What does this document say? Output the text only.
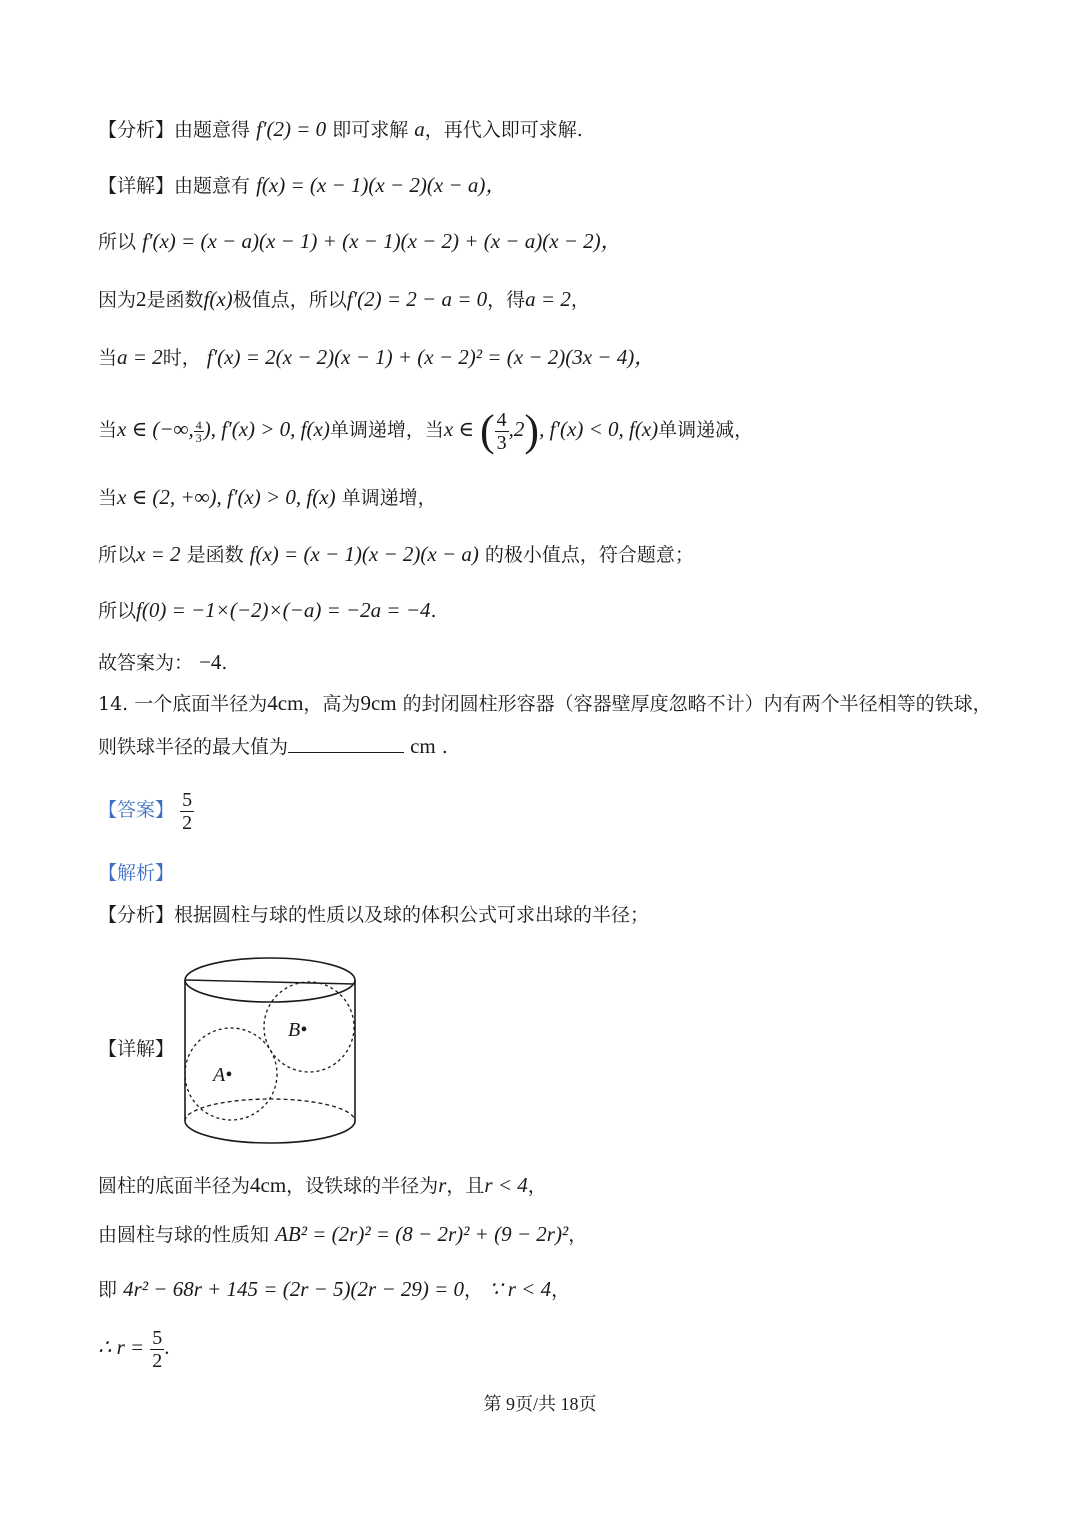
【分析】由题意得 f′(2) = 0 即可求解 a，再代入即可求解.
【详解】由题意有 f(x) = (x − 1)(x − 2)(x − a)，
所以 f′(x) = (x − a)(x − 1) + (x − 1)(x − 2) + (x − a)(x − 2)，
因为2是函数f(x)极值点，所以f′(2) = 2 − a = 0，得a = 2，
当a = 2时， f′(x) = 2(x − 2)(x − 1) + (x − 2)² = (x − 2)(3x − 4)，
当x ∈ (−∞, $\frac{4}{3}$ ), f′(x) > 0, f(x)单调递增，当x ∈ ( $\frac{4}{3} ,2$), f′(x) < 0, f(x)单调递减，
当x ∈ (2, +∞), f′(x) > 0, f(x) 单调递增，
所以x = 2 是函数 f(x) = (x − 1)(x − 2)(x − a) 的极小值点，符合题意；
所以f(0) = −1×(−2)×(−a) = −2a = −4.
故答案为： −4.
14. 一个底面半径为4cm，高为9cm 的封闭圆柱形容器（容器壁厚度忽略不计）内有两个半径相等的铁球，
则铁球半径的最大值为	cm .
【答案】 $\frac{5}{2}$
【解析】
【分析】根据圆柱与球的性质以及球的体积公式可求出球的半径；
【详解】
B•
A•
圆柱的底面半径为4cm，设铁球的半径为r，且r < 4，
由圆柱与球的性质知 AB² = (2r)² = (8 − 2r)² + (9 − 2r)²，
即 4r² − 68r + 145 = (2r − 5)(2r − 29) = 0， ∵ r < 4，
∴ $r = \frac{5}{2}$ .
第 9页/共 18页
